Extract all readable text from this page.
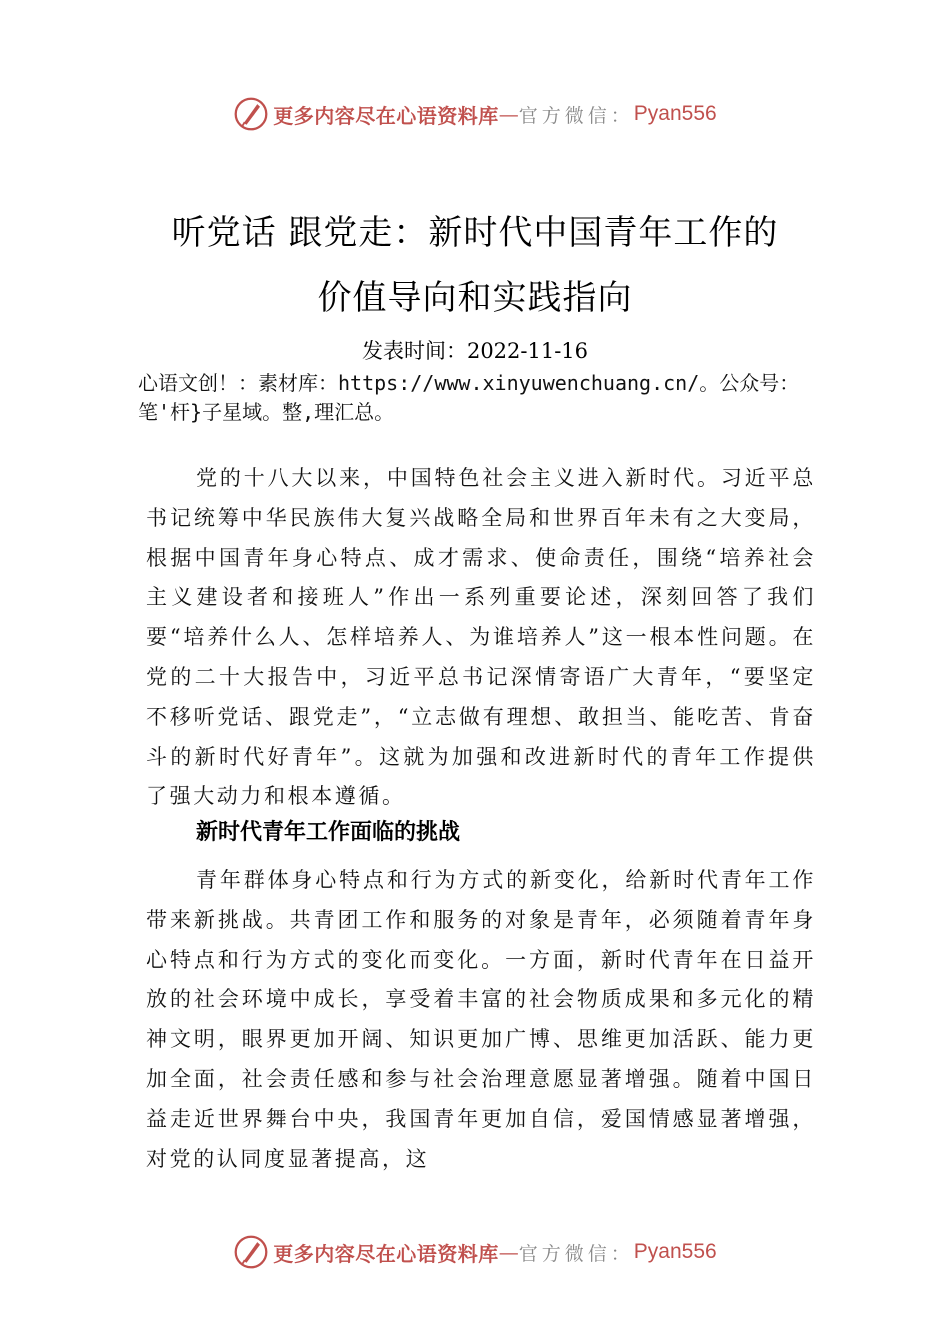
更多内容尽在心语资料库 — 官方微信： Pyan556
听党话 跟党走：新时代中国青年工作的
价值导向和实践指向
发表时间：2022-11-16
心语文创！：素材库：https://www.xinyuwenchuang.cn/。公众号：笔'杆}子星域。整,理汇总。
党的十八大以来，中国特色社会主义进入新时代。习近平总书记统筹中华民族伟大复兴战略全局和世界百年未有之大变局，根据中国青年身心特点、成才需求、使命责任，围绕“培养社会主义建设者和接班人”作出一系列重要论述，深刻回答了我们要“培养什么人、怎样培养人、为谁培养人”这一根本性问题。在党的二十大报告中，习近平总书记深情寄语广大青年，“要坚定不移听党话、跟党走”，“立志做有理想、敢担当、能吃苦、肯奋斗的新时代好青年”。这就为加强和改进新时代的青年工作提供了强大动力和根本遵循。
新时代青年工作面临的挑战
青年群体身心特点和行为方式的新变化，给新时代青年工作带来新挑战。共青团工作和服务的对象是青年，必须随着青年身心特点和行为方式的变化而变化。一方面，新时代青年在日益开放的社会环境中成长，享受着丰富的社会物质成果和多元化的精神文明，眼界更加开阔、知识更加广博、思维更加活跃、能力更加全面，社会责任感和参与社会治理意愿显著增强。随着中国日益走近世界舞台中央，我国青年更加自信，爱国情感显著增强，对党的认同度显著提高，这
更多内容尽在心语资料库 — 官方微信： Pyan556
